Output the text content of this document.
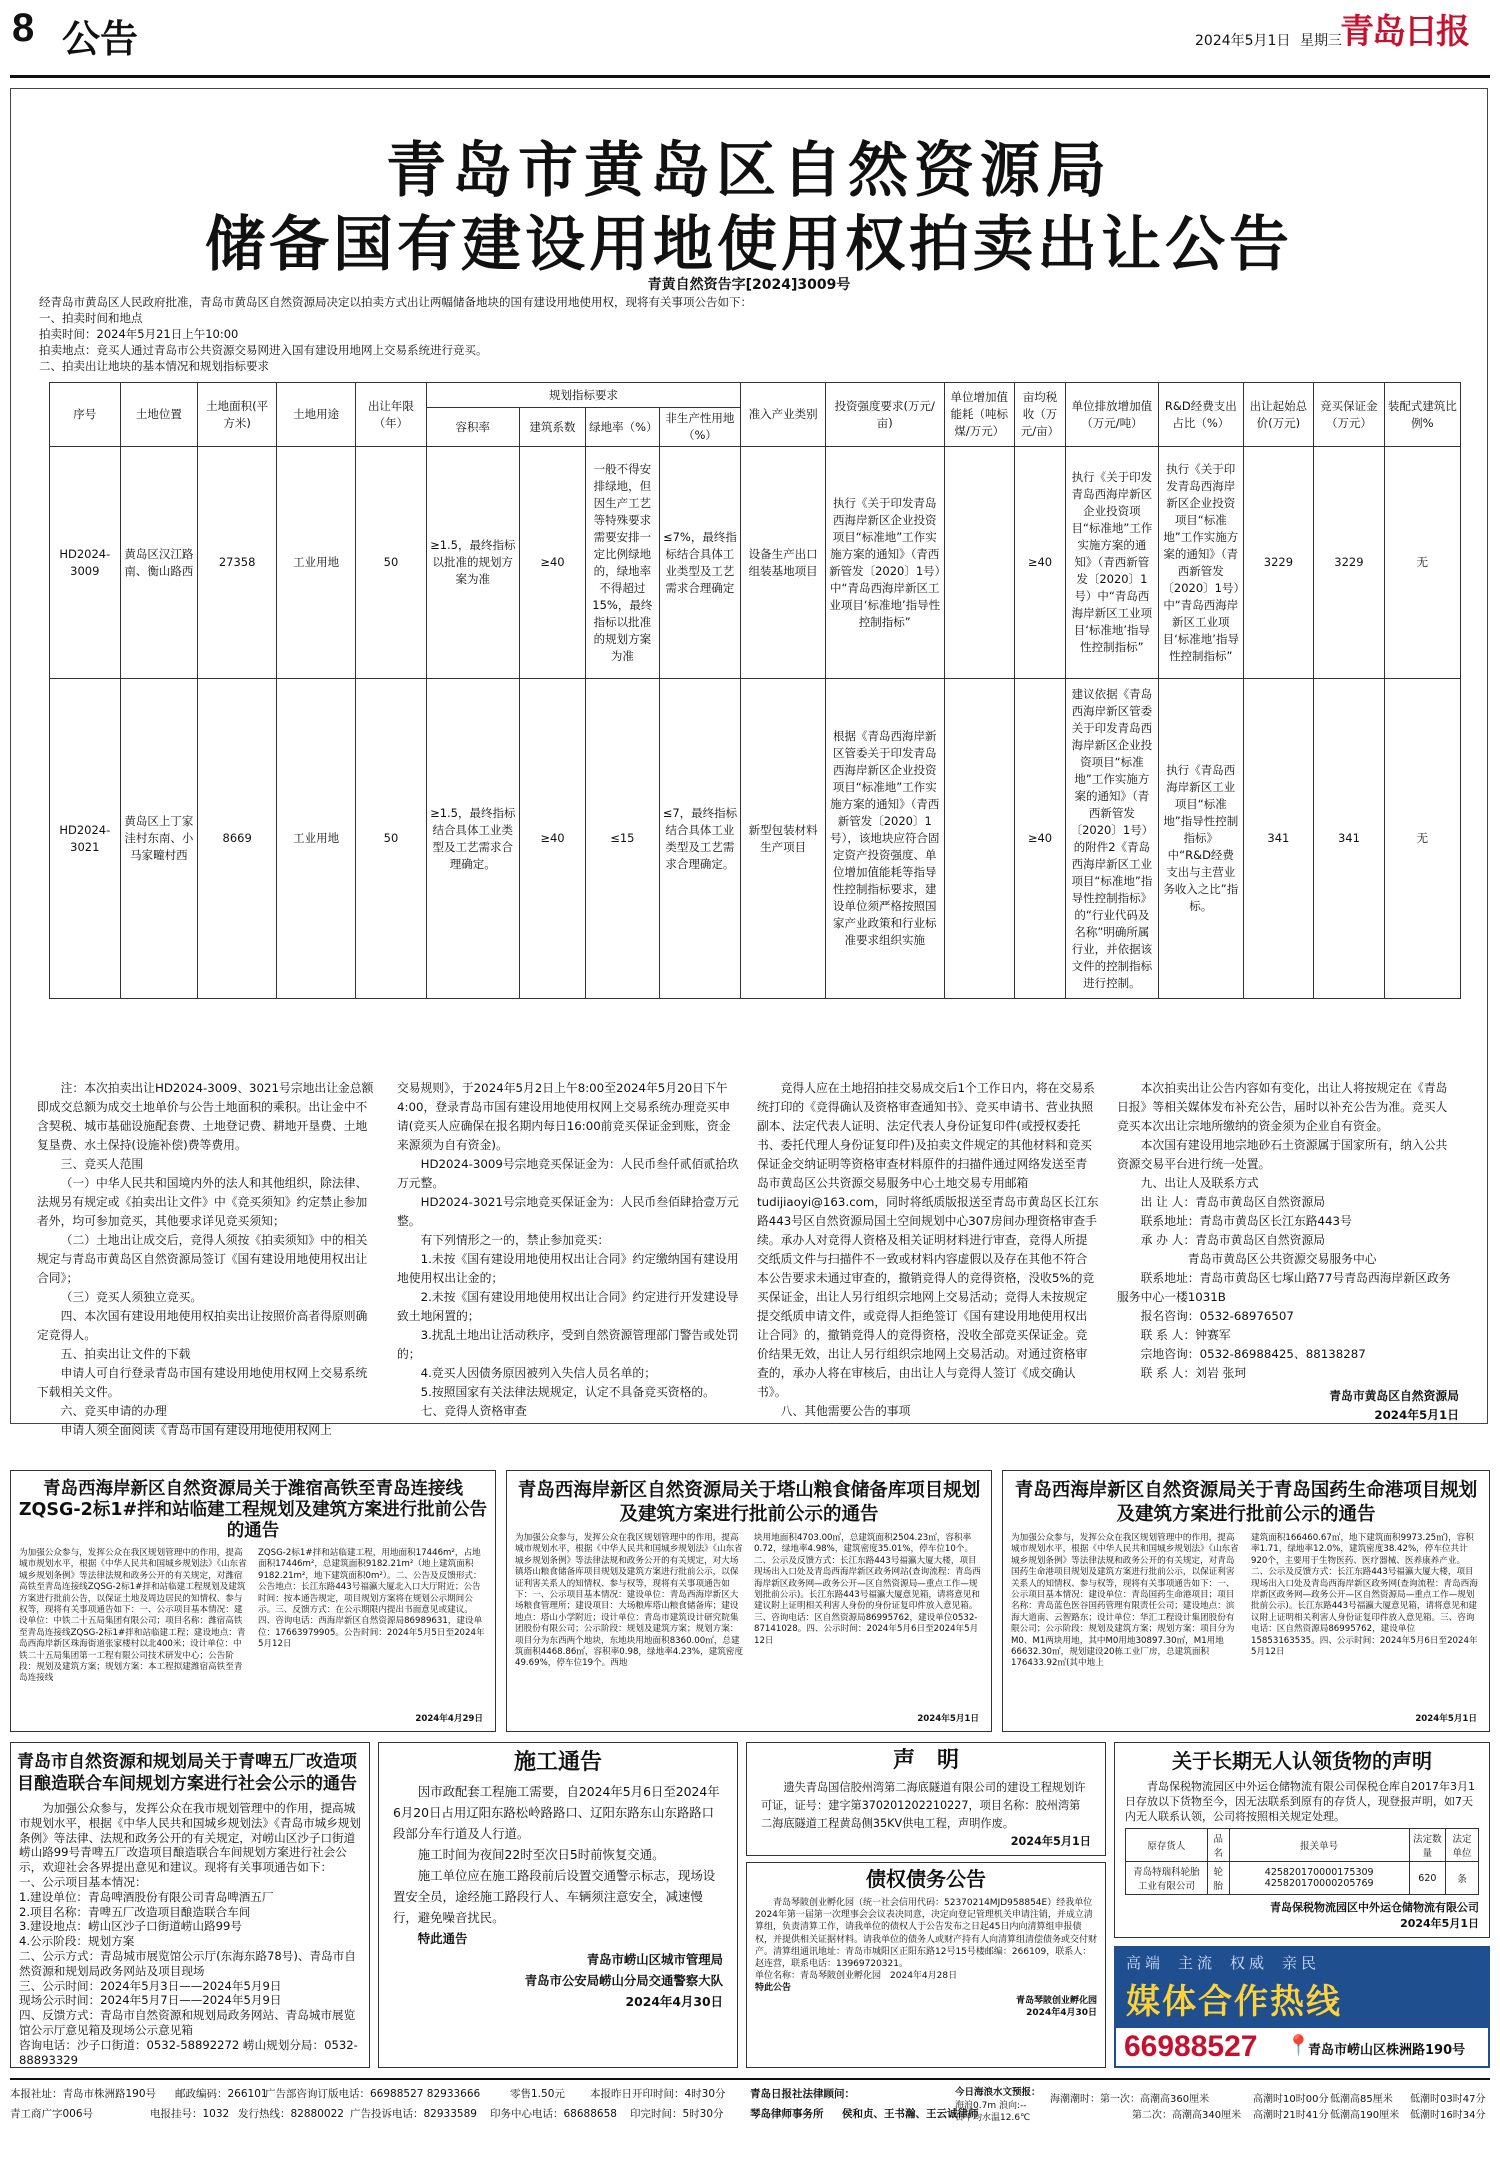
8 公告	2024年5月1日 星期三
青岛日报
青岛市黄岛区自然资源局
储备国有建设用地使用权拍卖出让公告
青黄自然资告字[2024]3009号
经青岛市黄岛区人民政府批准，青岛市黄岛区自然资源局决定以拍卖方式出让两幅储备地块的国有建设用地使用权，现将有关事项公告如下：
一、拍卖时间和地点
拍卖时间：2024年5月21日上午10:00
拍卖地点：竞买人通过青岛市公共资源交易网进入国有建设用地网上交易系统进行竞买。
二、拍卖出让地块的基本情况和规划指标要求
序号	土地位置	土地面积(平方米)	土地用途	出让年限（年）	规划指标要求				准入产业类别	投资强度要求(万元/亩)	单位增加值能耗（吨标煤/万元）	亩均税收（万元/亩）	单位排放增加值（万元/吨）	R&D经费支出占比（%）	出让起始总价(万元)	竞买保证金（万元）	装配式建筑比例%
					容积率	建筑系数	绿地率（%）	非生产性用地（%）									
HD2024-3009	黄岛区汉江路南、衡山路西	27358	工业用地	50	≥1.5，最终指标以批准的规划方案为准	≥40	一般不得安排绿地，但因生产工艺等特殊要求需要安排一定比例绿地的，绿地率不得超过15%，最终指标以批准的规划方案为准	≤7%，最终指标结合具体工业类型及工艺需求合理确定	设备生产出口组装基地项目	执行《关于印发青岛西海岸新区企业投资项目“标准地”工作实施方案的通知》（青西新管发〔2020〕1号）中“青岛西海岸新区工业项目‘标准地’指导性控制指标”		≥40	执行《关于印发青岛西海岸新区企业投资项目“标准地”工作实施方案的通知》（青西新管发〔2020〕1号）中“青岛西海岸新区工业项目‘标准地’指导性控制指标”	执行《关于印发青岛西海岸新区企业投资项目“标准地”工作实施方案的通知》（青西新管发〔2020〕1号）中“青岛西海岸新区工业项目‘标准地’指导性控制指标”	3229	3229	无
HD2024-3021	黄岛区上丁家洼村东南、小马家疃村西	8669	工业用地	50	≥1.5，最终指标结合具体工业类型及工艺需求合理确定。	≥40	≤15	≤7，最终指标结合具体工业类型及工艺需求合理确定。	新型包装材料生产项目	根据《青岛西海岸新区管委关于印发青岛西海岸新区企业投资项目“标准地”工作实施方案的通知》（青西新管发〔2020〕1号），该地块应符合固定资产投资强度、单位增加值能耗等指导性控制指标要求，建设单位须严格按照国家产业政策和行业标准要求组织实施		≥40	建议依据《青岛西海岸新区管委关于印发青岛西海岸新区企业投资项目“标准地”工作实施方案的通知》（青西新管发〔2020〕1号）的附件2《青岛西海岸新区工业项目“标准地”指导性控制指标》的“行业代码及名称”明确所属行业，并依据该文件的控制指标进行控制。	执行《青岛西海岸新区工业项目“标准地”指导性控制指标》中“R&D经费支出与主营业务收入之比”指标。	341	341	无

注：本次拍卖出让HD2024-3009、3021号宗地出让金总额即成交总额为成交土地单价与公告土地面积的乘积。出让金中不含契税、城市基础设施配套费、土地登记费、耕地开垦费、土地复垦费、水土保持(设施补偿)费等费用。

三、竞买人范围

（一）中华人民共和国境内外的法人和其他组织，除法律、法规另有规定或《拍卖出让文件》中《竞买须知》约定禁止参加者外，均可参加竞买，其他要求详见竞买须知；

（二）土地出让成交后，竞得人须按《拍卖须知》中的相关规定与青岛市黄岛区自然资源局签订《国有建设用地使用权出让合同》；

（三）竞买人须独立竞买。

四、本次国有建设用地使用权拍卖出让按照价高者得原则确定竞得人。

五、拍卖出让文件的下载

申请人可自行登录青岛市国有建设用地使用权网上交易系统下载相关文件。

六、竞买申请的办理

申请人须全面阅读《青岛市国有建设用地使用权网上

交易规则》，于2024年5月2日上午8:00至2024年5月20日下午4:00，登录青岛市国有建设用地使用权网上交易系统办理竞买申请(竞买人应确保在报名期内每日16:00前竞买保证金到账，资金来源须为自有资金)。

HD2024-3009号宗地竞买保证金为：人民币叁仟贰佰贰拾玖万元整。

HD2024-3021号宗地竞买保证金为：人民币叁佰肆拾壹万元整。

有下列情形之一的，禁止参加竞买：

1.未按《国有建设用地使用权出让合同》约定缴纳国有建设用地使用权出让金的；

2.未按《国有建设用地使用权出让合同》约定进行开发建设导致土地闲置的；

3.扰乱土地出让活动秩序，受到自然资源管理部门警告或处罚的；

4.竞买人因债务原因被列入失信人员名单的；

5.按照国家有关法律法规规定，认定不具备竞买资格的。

七、竞得人资格审查

竞得人应在土地招拍挂交易成交后1个工作日内，将在交易系统打印的《竞得确认及资格审查通知书》、竞买申请书、营业执照副本、法定代表人证明、法定代表人身份证复印件(或授权委托书、委托代理人身份证复印件)及拍卖文件规定的其他材料和竞买保证金交纳证明等资格审查材料原件的扫描件通过网络发送至青岛市黄岛区公共资源交易服务中心土地交易专用邮箱tudijiaoyi@163.com，同时将纸质版报送至青岛市黄岛区长江东路443号区自然资源局国土空间规划中心307房间办理资格审查手续。承办人对竞得人资格及相关证明材料进行审查，竞得人所提交纸质文件与扫描件不一致或材料内容虚假以及存在其他不符合本公告要求未通过审查的，撤销竞得人的竞得资格，没收5%的竞买保证金，出让人另行组织宗地网上交易活动；竞得人未按规定提交纸质申请文件，或竞得人拒绝签订《国有建设用地使用权出让合同》的，撤销竞得人的竞得资格，没收全部竞买保证金。竞价结果无效，出让人另行组织宗地网上交易活动。对通过资格审查的，承办人将在审核后，由出让人与竞得人签订《成交确认书》。

八、其他需要公告的事项

本次拍卖出让公告内容如有变化，出让人将按规定在《青岛日报》等相关媒体发布补充公告，届时以补充公告为准。竞买人竞买本次出让宗地所缴纳的资金须为企业自有资金。

本次国有建设用地宗地砂石土资源属于国家所有，纳入公共资源交易平台进行统一处置。

九、出让人及联系方式

出 让 人：青岛市黄岛区自然资源局

联系地址：青岛市黄岛区长江东路443号

承 办 人：青岛市黄岛区自然资源局

青岛市黄岛区公共资源交易服务中心

联系地址：青岛市黄岛区七塚山路77号青岛西海岸新区政务服务中心一楼1031B

报名咨询：0532-68976507

联 系 人：钟赛军

宗地咨询：0532-86988425、88138287

联 系 人：刘岩 张珂

青岛市黄岛区自然资源局

2024年5月1日

青岛西海岸新区自然资源局关于潍宿高铁至青岛连接线ZQSG-2标1#拌和站临建工程规划及建筑方案进行批前公告的通告
为加强公众参与，发挥公众在我区规划管理中的作用，提高城市规划水平，根据《中华人民共和国城乡规划法》《山东省城乡规划条例》等法律法规和政务公开的有关规定，对潍宿高铁至青岛连接线ZQSG-2标1#拌和站临建工程规划及建筑方案进行批前公告，以保证土地及周边居民的知情权、参与权等，现将有关事项通告如下：一、公示项目基本情况：建设单位：中铁二十五局集团有限公司；项目名称：潍宿高铁至青岛连接线ZQSG-2标1#拌和站临建工程；建设地点：青岛西海岸新区珠海街道张家楼村以北400米；设计单位：中铁二十五局集团第一工程有限公司技术研发中心；公告阶段：规划及建筑方案；规划方案：本工程拟建潍宿高铁至青岛连接线
ZQSG-2标1#拌和站临建工程，用地面积17446m²，占地面积17446m²，总建筑面积9182.21m²（地上建筑面积9182.21m²，地下建筑面积0m²）。二、公告及反馈形式：公告地点：长江东路443号福瀛大厦北入口大厅附近；公告时间：按本通告规定，项目规划方案将在规划公示期间公示。三、反馈方式：在公示期限内提出书面意见或建议。四、咨询电话：西海岸新区自然资源局86989631，建设单位：17663979905。公告时间：2024年5月5日至2024年5月12日
2024年4月29日
青岛西海岸新区自然资源局关于塔山粮食储备库项目规划及建筑方案进行批前公示的通告
为加强公众参与，发挥公众在我区规划管理中的作用，提高城市规划水平，根据《中华人民共和国城乡规划法》《山东省城乡规划条例》等法律法规和政务公开的有关规定，对大场镇塔山粮食储备库项目规划及建筑方案进行批前公示，以保证利害关系人的知情权、参与权等，现将有关事项通告如下：一、公示项目基本情况：建设单位：青岛西海岸新区大场粮食管理所；建设项目：大场粮库塔山粮食储备库；建设地点：塔山小学附近；设计单位：青岛市建筑设计研究院集团股份有限公司；公示阶段：规划及建筑方案；规划方案：项目分为东西两个地块，东地块用地面积8360.00㎡，总建筑面积4468.86㎡，容积率0.98，绿地率4.23%，建筑密度49.69%，停车位19个。西地
块用地面积4703.00㎡，总建筑面积2504.23㎡，容积率0.72，绿地率4.98%，建筑密度35.01%，停车位10个。二、公示及反馈方式：长江东路443号福瀛大厦大楼，项目现场出入口处及青岛西海岸新区政务网站(查询流程：青岛西海岸新区政务网—政务公开—区自然资源局—重点工作—规划批前公示)。长江东路443号福瀛大厦意见箱，请将意见和建议附上证明相关利害人身份的身份证复印件放入意见箱。三、咨询电话：区自然资源局86995762，建设单位0532-87141028。四、公示时间：2024年5月6日至2024年5月12日
2024年5月1日
青岛西海岸新区自然资源局关于青岛国药生命港项目规划及建筑方案进行批前公示的通告
为加强公众参与，发挥公众在我区规划管理中的作用，提高城市规划水平，根据《中华人民共和国城乡规划法》《山东省城乡规划条例》等法律法规和政务公开的有关规定，对青岛国药生命港项目规划及建筑方案进行批前公示，以保证利害关系人的知情权、参与权等，现将有关事项通告如下：一、公示项目基本情况：建设单位：青岛国药生命港项目；项目名称：青岛蓝色医谷国药管理有限责任公司；建设地点：滨海大道南、云智路东；设计单位：华汇工程设计集团股份有限公司；公示阶段：规划及建筑方案；规划方案：项目分为M0、M1两块用地，其中M0用地30897.30㎡，M1用地66632.30㎡，规划建设20栋工业厂房，总建筑面积176433.92㎡(其中地上
建筑面积166460.67㎡，地下建筑面积9973.25㎡)，容积率1.71，绿地率12.0%，建筑密度38.42%，停车位共计920个，主要用于生物医药、医疗器械、医养康养产业。二、公示及反馈方式：长江东路443号福瀛大厦大楼，项目现场出入口处及青岛西海岸新区政务网(查询流程：青岛西海岸新区政务网—政务公开—区自然资源局—重点工作—规划批前公示)。长江东路443号福瀛大厦意见箱，请将意见和建议附上证明相关利害人身份证复印件放入意见箱。三、咨询电话：区自然资源局86995762，建设单位15853163535。四、公示时间：2024年5月6日至2024年5月12日
2024年5月1日
青岛市自然资源和规划局关于青啤五厂改造项目酿造联合车间规划方案进行社会公示的通告
为加强公众参与，发挥公众在我市规划管理中的作用，提高城市规划水平，根据《中华人民共和国城乡规划法》《青岛市城乡规划条例》等法律、法规和政务公开的有关规定，对崂山区沙子口街道崂山路99号青啤五厂改造项目酿造联合车间规划方案进行社会公示，欢迎社会各界提出意见和建议。现将有关事项通告如下：
一、公示项目基本情况：
1.建设单位：青岛啤酒股份有限公司青岛啤酒五厂
2.项目名称：青啤五厂改造项目酿造联合车间
3.建设地点：崂山区沙子口街道崂山路99号
4.公示阶段：规划方案
二、公示方式：青岛城市展览馆公示厅(东海东路78号)、青岛市自然资源和规划局政务网站及项目现场
三、公示时间：2024年5月3日——2024年5月9日
现场公示时间：2024年5月7日——2024年5月9日
四、反馈方式：青岛市自然资源和规划局政务网站、青岛城市展览馆公示厅意见箱及现场公示意见箱
咨询电话：沙子口街道：0532-58892272 崂山规划分局：0532-88893329
施工通告

因市政配套工程施工需要，自2024年5月6日至2024年6月20日占用辽阳东路松岭路路口、辽阳东路东山东路路口段部分车行道及人行道。

施工时间为夜间22时至次日5时前恢复交通。

施工单位应在施工路段前后设置交通警示标志，现场设置安全员，途经施工路段行人、车辆须注意安全，减速慢行，避免噪音扰民。

特此通告

青岛市崂山区城市管理局

青岛市公安局崂山分局交通警察大队

2024年4月30日

声　明

遗失青岛国信胶州湾第二海底隧道有限公司的建设工程规划许可证，证号：建字第370201202210227，项目名称：胶州湾第二海底隧道工程黄岛侧35KV供电工程，声明作废。

2024年5月1日

债权债务公告

青岛琴陂创业孵化园（统一社会信用代码：52370214MJD958854E）经我单位2024年第一届第一次理事会会议表决同意，决定向登记管理机关申请注销，并成立清算组，负责清算工作，请我单位的债权人于公告发布之日起45日内向清算组申报债权，并提供相关证据材料。请我单位的债务人或财产持有人向清算组清偿债务或交付财产。清算组通讯地址：青岛市城阳区正阳东路12号15号楼邮编：266109，联系人：赵连营，联系电话：13969720321。

单位名称：青岛琴陂创业孵化园　 2024年4月28日

特此公告

青岛琴陂创业孵化园

2024年4月30日

关于长期无人认领货物的声明
青岛保税物流园区中外运仓储物流有限公司保税仓库自2017年3月1日存放以下货物至今，因无法联系到原有的存货人，现登报声明，如7天内无人联系认领，公司将按照相关规定处理。
原存货人	品名	报关单号	法定数量	法定单位
青岛特瑞科轮胎工业有限公司	轮胎	425820170000175309 425820170000205769	620	条
青岛保税物流园区中外运仓储物流有限公司
2024年5月1日
高端 主流 权威 亲民
媒体合作热线
66988527 📍
青岛市崂山区株洲路190号
本报社址：青岛市株洲路190号 邮政编码：266101
广告部咨询订版电话：66988527 82933666	零售1.50元 本报昨日开印时间：4时30分 青岛日报社法律顾问：
青工商广字006号	电报挂号：1032 发行热线：82880022 广告投诉电话：82933589 印务中心电话：68688658 印完时间：5时30分	琴岛律师事务所 侯和贞、王书瀚、王云诚律师
今日海浪水文预报：
海浪0.7m 浪向:--
日平均水温12.6℃
海潮潮时：第一次：高潮高360厘米	高潮时10时00分 低潮高85厘米 低潮时03时47分
第二次：高潮高340厘米 高潮时21时41分 低潮高190厘米 低潮时16时34分
